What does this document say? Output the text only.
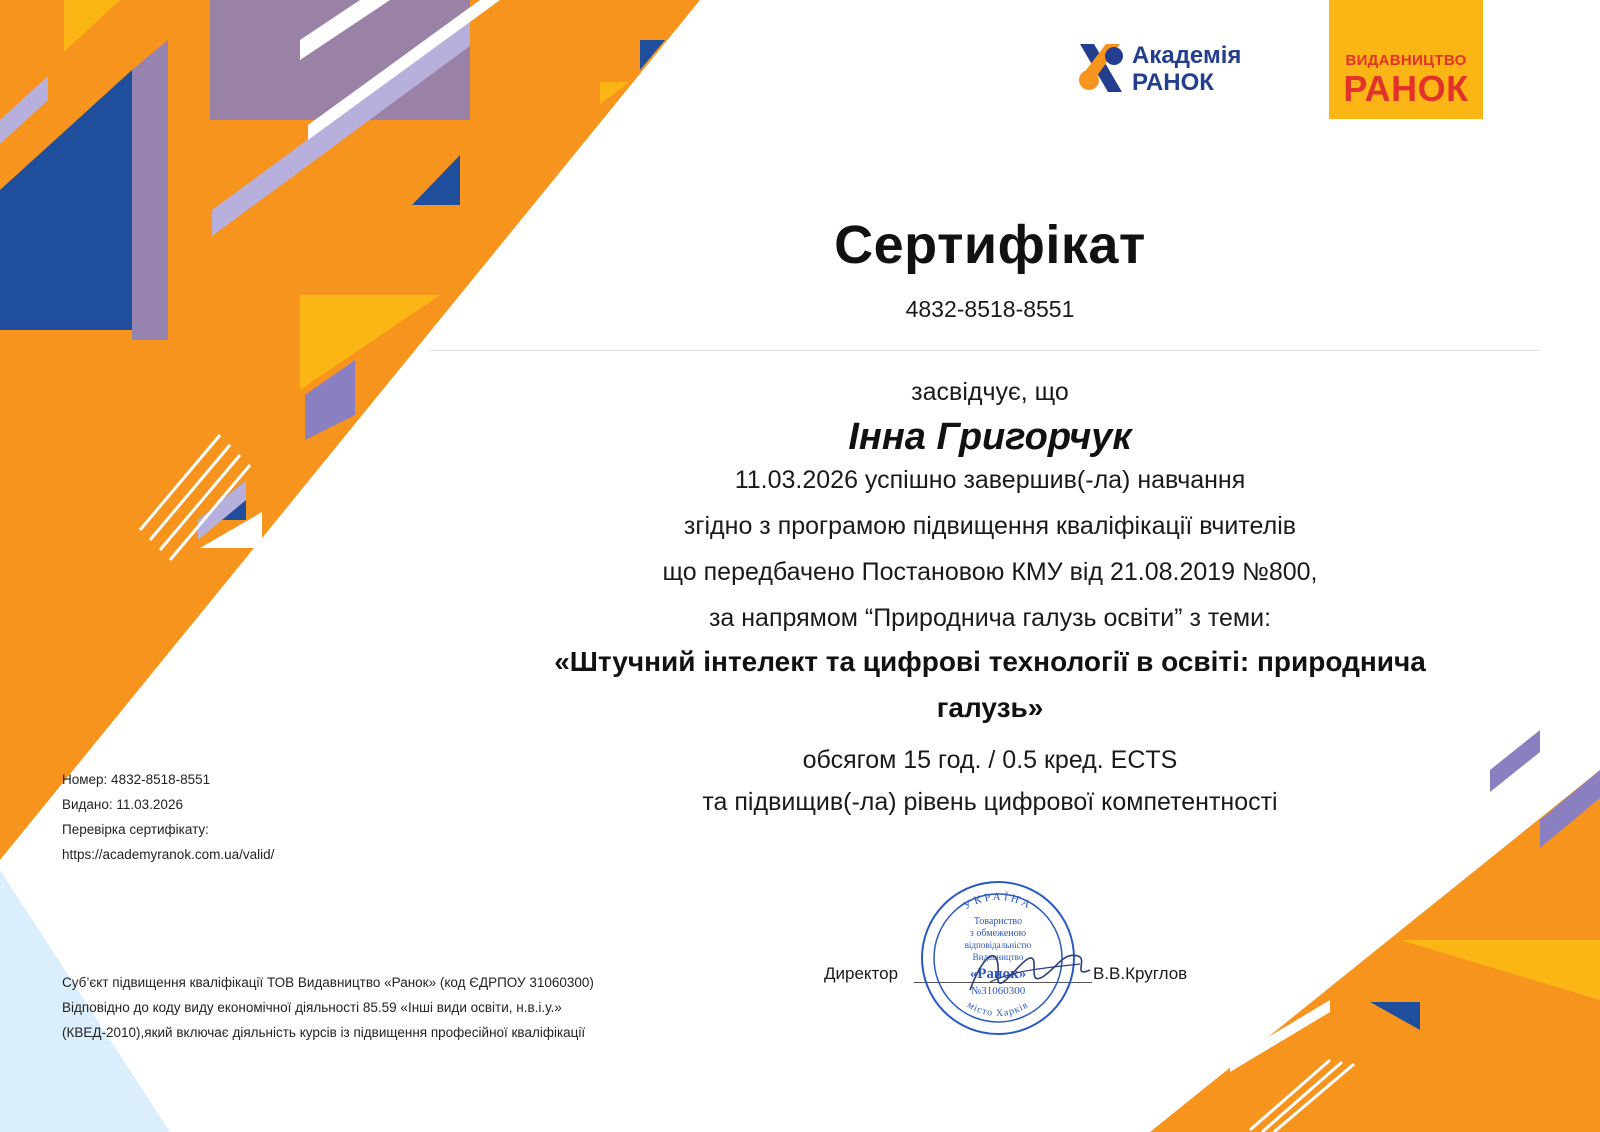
Академія
РАНОК
ВИДАВНИЦТВО
РАНОК
Сертифікат
4832-8518-8551
засвідчує, що
Інна Григорчук
11.03.2026 успішно завершив(-ла) навчання
згідно з програмою підвищення кваліфікації вчителів
що передбачено Постановою КМУ від 21.08.2019 №800,
за напрямом “Природнича галузь освіти” з теми:
«Штучний інтелект та цифрові технології в освіті: природнича
галузь»
обсягом 15 год. / 0.5 кред. ECTS
та підвищив(-ла) рівень цифрової компетентності
Номер: 4832-8518-8551
Видано: 11.03.2026
Перевірка сертифікату:
https://academyranok.com.ua/valid/
Суб’єкт підвищення кваліфікації ТОВ Видавництво «Ранок» (код ЄДРПОУ 31060300)
Відповідно до коду виду економічної діяльності 85.59 «Інші види освіти, н.в.і.у.»
(КВЕД-2010),який включає діяльність курсів із підвищення професійної кваліфікації
Директор	В.В.Круглов
УКРАЇНА
місто Харків
Товариство
з обмеженою
відповідальністю
Видавництво
«Ранок»
№31060300
